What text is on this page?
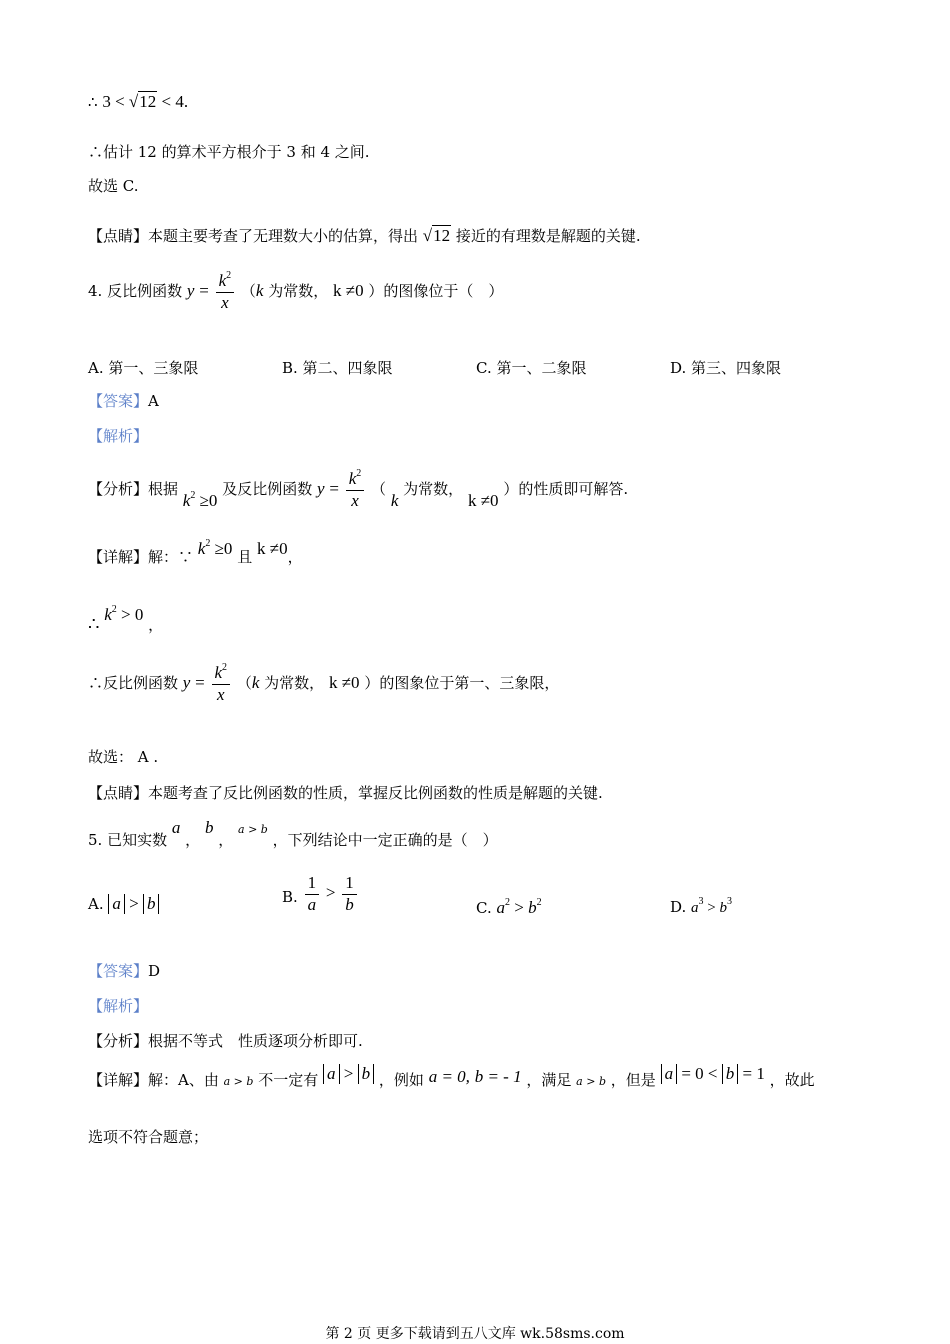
∴ 3 < √12 < 4.
∴估计 12 的算术平方根介于 3 和 4 之间.
故选 C.
【点睛】本题主要考查了无理数大小的估算，得出 √12 接近的有理数是解题的关键.
4. 反比例函数 $y = \frac{k^2}{x} (k$ 为常数， k ≠0 ）的图像位于（　）
A. 第一、三象限	B. 第二、四象限	C. 第一、二象限	D. 第三、四象限
【答案】A
【解析】
【分析】根据 $k^2 \ge 0$ 及反比例函数 $y = \frac{k^2}{x}$ （ k 为常数， k ≠0 ）的性质即可解答.
【详解】解：∵ $k^2 \ge 0$ 且 k ≠0，
∴ $k^2 > 0$ ，
∴反比例函数 $y = \frac{k^2}{x} (k$ 为常数， k ≠0 ）的图象位于第一、三象限，
故选： A .
【点睛】本题考查了反比例函数的性质，掌握反比例函数的性质是解题的关键.
5. 已知实数 a ， b ， $^{a > b}$ ，下列结论中一定正确的是（　）
A. a > b	B. $\frac{1}{a} > \frac{1}{b}$	C. $a^2 > b^2$	D. $a^3 > b^3$
【答案】D
【解析】
【分析】根据不等式　性质逐项分析即可.
【详解】解：A、由 a > b 不一定有 a > b ，例如 a = 0, b = - 1 ，满足 a > b ，但是 a = 0 < b = 1 ，故此
选项不符合题意；
第 2 页 更多下载请到五八文库 wk.58sms.com
